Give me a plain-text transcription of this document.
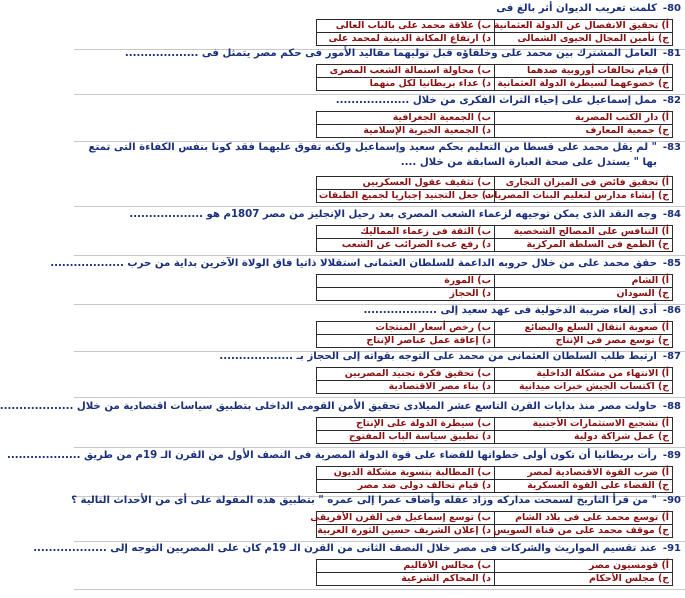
80-
كلمت تعريب الديوان أثر بالغ فى
أ) تحقيق الانفصال عن الدولة العثمانية	ب) علاقة محمد على بالباب العالى	
ج) تأمين المجال الحيوى الشمالى	د) ارتفاع المكانة الدينية لمحمد على	
81-
العامل المشترك بين محمد على وخلفاؤه قبل توليهما مقاليد الأمور فى حكم مصر يتمثل فى ...................
أ) قيام تحالفات أوروبية ضدهما	ب) محاولة استمالة الشعب المصرى	
ج) خضوعهما لسيطرة الدولة العثمانية	د) عداء بريطانيا لكل منهما	
82-
ممل إسماعيل على إحياء التراث الفكرى من خلال ...................
أ) دار الكتب المصرية	ب) الجمعية الجغرافية	
ج) جمعية المعارف	د) الجمعية الخيرية الإسلامية	
83-
" لم يقل محمد على قسطا من التعليم بحكم سعيد وإسماعيل ولكنه تفوق عليهما فقد كونا بنفس الكفاءة التى تمتع بها " يستدل على صحة العبارة السابقة من خلال ....
أ) تحقيق فائض فى الميزان التجارى	ب) تثقيف عقول العسكريين	
ج) إنشاء مدارس لتعليم البنات المصريات	د) جعل التجنيد إجباريا لجميع الطبقات	
84-
وجه النقد الذى يمكن توجيهه لزعماء الشعب المصرى بعد رحيل الإنجليز من مصر 1807م هو ...................
أ) التنافس على المصالح الشخصية	ب) الثقة فى زعماء المماليك	
ج) الطمع فى السلطة المركزية	د) رفع عبء الضرائب عن الشعب	
85-
حقق محمد على من خلال حروبه الداعمة للسلطان العثمانى استقلالا ذاتيا فاق الولاة الآخرين بداية من حرب ...................
أ) الشام	ب) المورة	
ج) السودان	د) الحجاز	
86-
أدى إلغاء ضريبة الدخولية فى عهد سعيد إلى ...................
أ) صعوبة انتقال السلع والبضائع	ب) رخص أسعار المنتجات	
ج) توسع مصر فى الإنتاج	د) إعاقة عمل عناصر الإنتاج	
87-
ارتبط طلب السلطان العثمانى من محمد على التوجه بقواته إلى الحجاز بـ ...................
أ) الانتهاء من مشكلة الداخلية	ب) تحقيق فكرة تجنيد المصريين	
ج) اكتساب الجيش خبرات ميدانية	د) بناء مصر الاقتصادية	
88-
حاولت مصر منذ بدايات القرن التاسع عشر الميلادى تحقيق الأمن القومى الداخلى بتطبيق سياسات اقتصادية من خلال ...................
أ) تشجيع الاستثمارات الأجنبية	ب) سيطرة الدولة على الإنتاج	
ج) عمل شراكة دولية	د) تطبيق سياسة الباب المفتوح	
89-
رأت بريطانيا أن تكون أولى خطواتها للقضاء على قوة الدولة المصرية فى النصف الأول من القرن الـ 19م من طريق ...................
أ) ضرب القوة الاقتصادية لمصر	ب) المطالبة بتسوية مشكلة الديون	
ج) القضاء على القوة العسكرية	د) قيام تحالف دولى ضد مصر	
90-
" من قرأ التاريخ لسمحت مداركه وزاد عقله وأضاف عمرا إلى عمره " بتطبيق هذه المقولة على أى من الأحداث التالية ؟
أ) توسع محمد على فى بلاد الشام	ب) توسع إسماعيل فى القرن الأفريقى	
ج) موقف محمد على من قناة السويس	د) إعلان الشريف حسين الثورة العربية	
91-
عند تقسيم المواريث والشركات فى مصر خلال النصف الثانى من القرن الـ 19م كان على المصريين التوجه إلى ...................
أ) قومسيون مصر	ب) مجالس الأقاليم	
ج) مجلس الأحكام	د) المحاكم الشرعية	
